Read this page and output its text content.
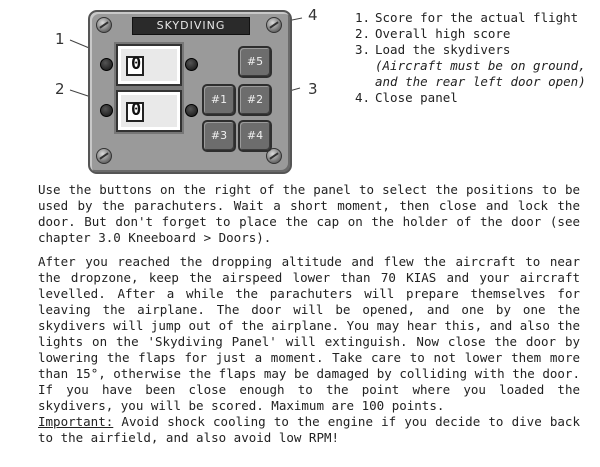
1
2	3
4
SKYDIVING
0
0
#5
#1	#2
#3	#4
1. Score for the actual flight
2. Overall high score
3. Load the skydivers
(Aircraft must be on ground, and the rear left door open)
4. Close panel

Use the buttons on the right of the panel to select the positions to be used by the parachuters. Wait a short moment, then close and lock the door. But don't forget to place the cap on the holder of the door (see chapter 3.0 Kneeboard > Doors).

After you reached the dropping altitude and flew the aircraft to near the dropzone, keep the airspeed lower than 70 KIAS and your aircraft levelled. After a while the parachuters will prepare themselves for leaving the airplane. The door will be opened, and one by one the skydivers will jump out of the airplane. You may hear this, and also the lights on the 'Skydiving Panel' will extinguish. Now close the door by lowering the flaps for just a moment. Take care to not lower them more than 15°, otherwise the flaps may be damaged by colliding with the door. If you have been close enough to the point where you loaded the skydivers, you will be scored. Maximum are 100 points.

Important: Avoid shock cooling to the engine if you decide to dive back to the airfield, and also avoid low RPM!
